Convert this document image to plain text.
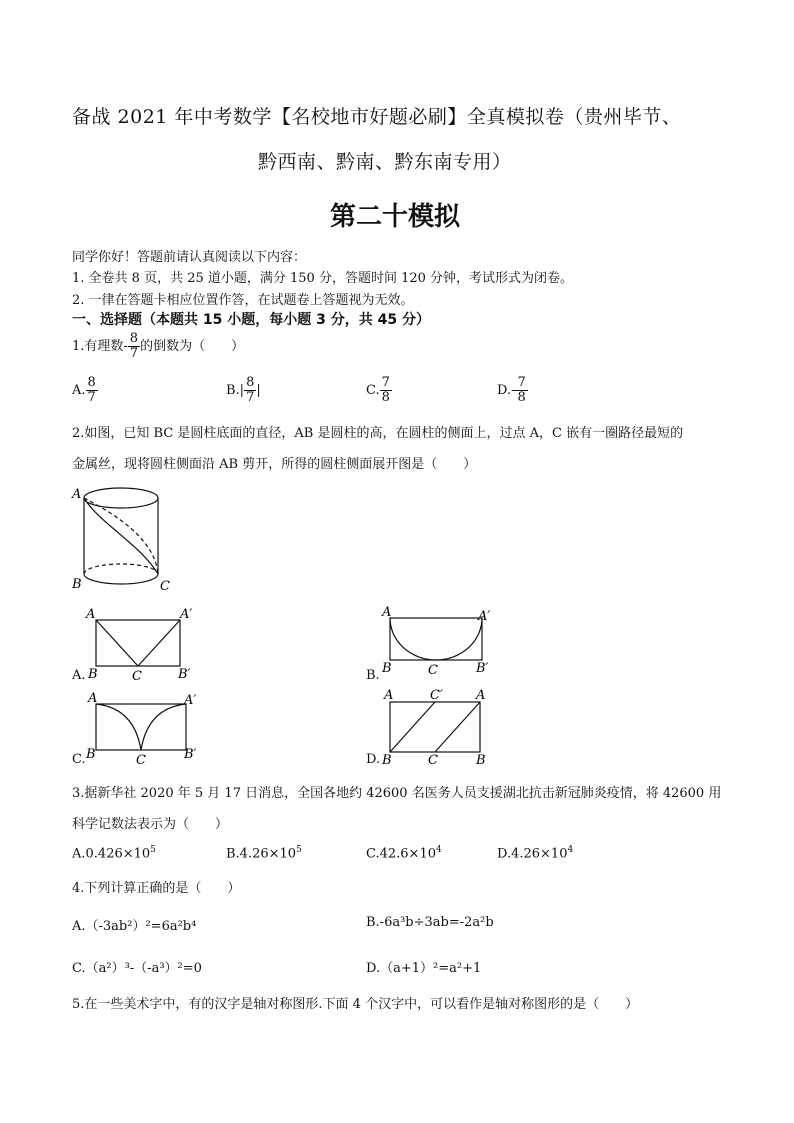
备战 2021 年中考数学【名校地市好题必刷】全真模拟卷（贵州毕节、
黔西南、黔南、黔东南专用）
第二十模拟
同学你好！答题前请认真阅读以下内容：
1. 全卷共 8 页，共 25 道小题，满分 150 分，答题时间 120 分钟，考试形式为闭卷。
2. 一律在答题卡相应位置作答，在试题卷上答题视为无效。
一、选择题（本题共 15 小题，每小题 3 分，共 45 分）
1.有理数- $\frac{8}{7}$ 的倒数为（　　）
A. $\frac{8}{7}$	$B.| \frac{8}{7}$ |	C. $\frac{7}{8}$	$D.- \frac{7}{8}$
2.如图，已知 BC 是圆柱底面的直径，AB 是圆柱的高，在圆柱的侧面上，过点 A，C 嵌有一圈路径最短的
金属丝，现将圆柱侧面沿 AB 剪开，所得的圆柱侧面展开图是（　　）
A
B	C
A.
A	A′
B	C	B′	B.
A	A′
B	C	B′
C.
A	A′
B	C	B′	D.
A	C′	A
B	C	B
3.据新华社 2020 年 5 月 17 日消息，全国各地约 42600 名医务人员支援湖北抗击新冠肺炎疫情，将 42600 用
科学记数法表示为（　　）
$A.0.426\times 10^5$	$B.4.26\times 10^5$	$C.42.6\times 10^4$	$D.4.26\times 10^4$
4.下列计算正确的是（　　）
A.（-3ab²）²=6a²b⁴	B.-6a³b÷3ab=-2a²b
C.（a²）³-（-a³）²=0	D.（a+1）²=a²+1
5.在一些美术字中，有的汉字是轴对称图形.下面 4 个汉字中，可以看作是轴对称图形的是（　　）
